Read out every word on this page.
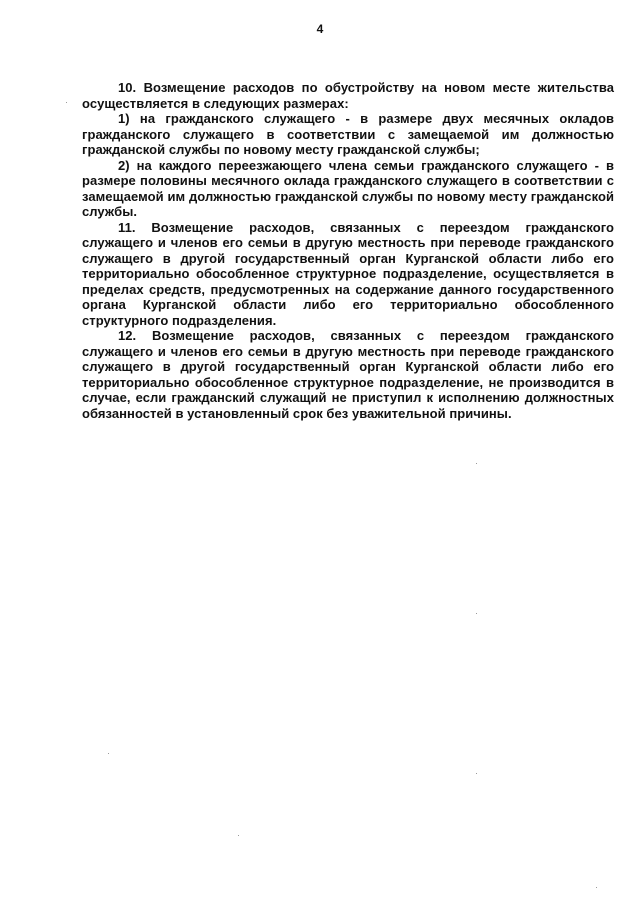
4

10. Возмещение расходов по обустройству на новом месте жительства осуществляется в следующих размерах:

1) на гражданского служащего - в размере двух месячных окладов гражданского служащего в соответствии с замещаемой им должностью гражданской службы по новому месту гражданской службы;

2) на каждого переезжающего члена семьи гражданского служащего - в размере половины месячного оклада гражданского служащего в соответствии с замещаемой им должностью гражданской службы по новому месту гражданской службы.

11. Возмещение расходов, связанных с переездом гражданского служащего и членов его семьи в другую местность при переводе гражданского служащего в другой государственный орган Курганской области либо его территориально обособленное структурное подразделение, осуществляется в пределах средств, предусмотренных на содержание данного государственного органа Курганской области либо его территориально обособленного структурного подразделения.

12. Возмещение расходов, связанных с переездом гражданского служащего и членов его семьи в другую местность при переводе гражданского служащего в другой государственный орган Курганской области либо его территориально обособленное структурное подразделение, не производится в случае, если гражданский служащий не приступил к исполнению должностных обязанностей в установленный срок без уважительной причины.
